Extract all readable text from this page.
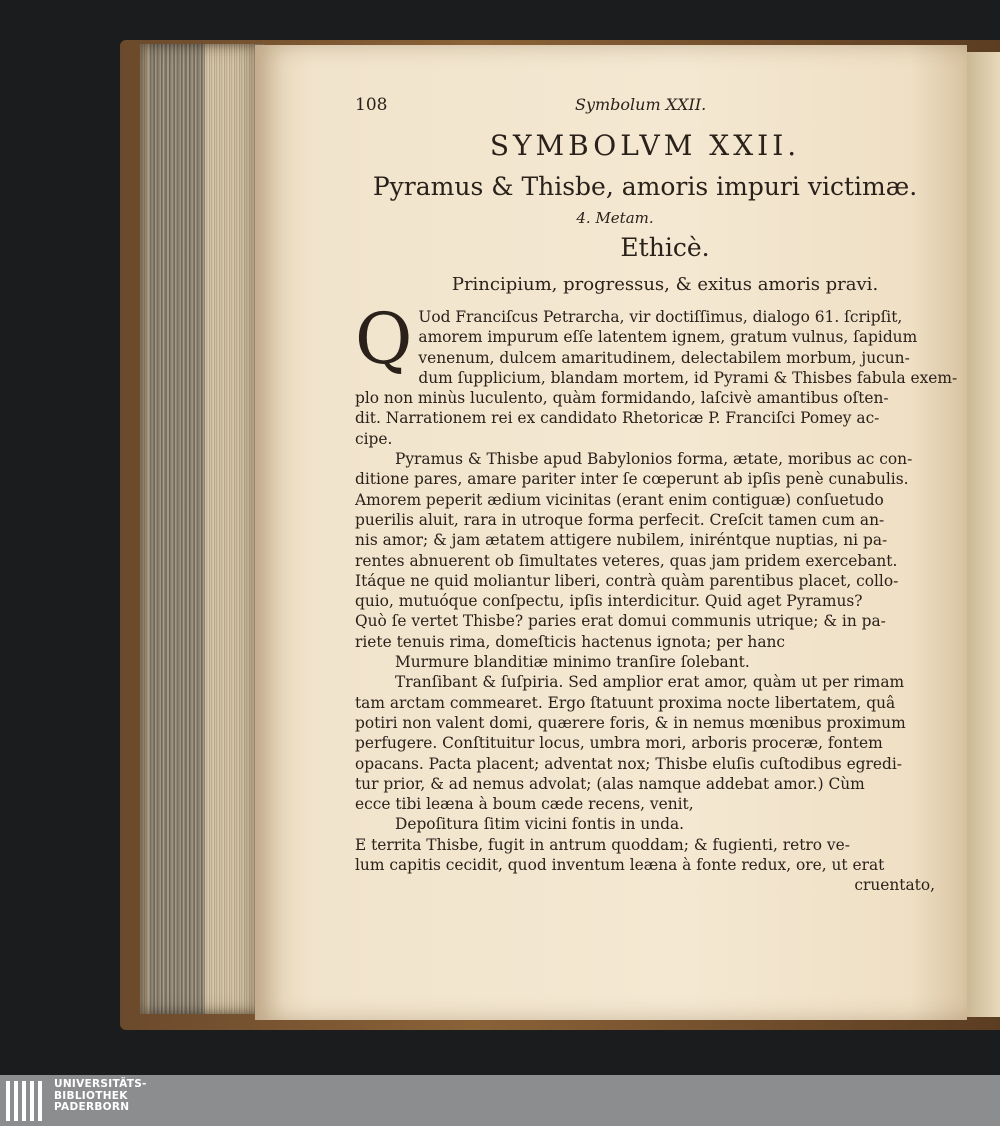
108	Symbolum XXII.
SYMBOLVM XXII.
Pyramus & Thisbe, amoris impuri victimæ.
4. Metam.
Ethicè.
Principium, progressus, & exitus amoris pravi.
Q Uod Franciſcus Petrarcha, vir doctiſſimus, dialogo 61. ſcripſit,
amorem impurum eſſe latentem ignem, gratum vulnus, ſapidum
venenum, dulcem amaritudinem, delectabilem morbum, jucun-
dum ſupplicium, blandam mortem, id Pyrami & Thisbes fabula exem-
plo non minùs luculento, quàm formidando, laſcivè amantibus oſten-
dit. Narrationem rei ex candidato Rhetoricæ P. Franciſci Pomey ac-
cipe.
Pyramus & Thisbe apud Babylonios forma, ætate, moribus ac con-
ditione pares, amare pariter inter ſe cœperunt ab ipſis penè cunabulis.
Amorem peperit ædium vicinitas (erant enim contiguæ) conſuetudo
puerilis aluit, rara in utroque forma perfecit. Creſcit tamen cum an-
nis amor; & jam ætatem attigere nubilem, iniréntque nuptias, ni pa-
rentes abnuerent ob ſimultates veteres, quas jam pridem exercebant.
Itáque ne quid moliantur liberi, contrà quàm parentibus placet, collo-
quio, mutuóque conſpectu, ipſis interdicitur. Quid aget Pyramus?
Quò ſe vertet Thisbe? paries erat domui communis utrique; & in pa-
riete tenuis rima, domeſticis hactenus ignota; per hanc
Murmure blanditiæ minimo tranſire ſolebant.
Tranſibant & ſuſpiria. Sed amplior erat amor, quàm ut per rimam
tam arctam commearet. Ergo ſtatuunt proxima nocte libertatem, quâ
potiri non valent domi, quærere foris, & in nemus mœnibus proximum
perfugere. Conſtituitur locus, umbra mori, arboris proceræ, fontem
opacans. Pacta placent; adventat nox; Thisbe eluſis cuſtodibus egredi-
tur prior, & ad nemus advolat; (alas namque addebat amor.) Cùm
ecce tibi leæna à boum cæde recens, venit,
Depoſitura ſitim vicini fontis in unda.
E territa Thisbe, fugit in antrum quoddam; & fugienti, retro ve-
lum capitis cecidit, quod inventum leæna à fonte redux, ore, ut erat
cruentato,
UNIVERSITÄTS-
BIBLIOTHEK
PADERBORN
